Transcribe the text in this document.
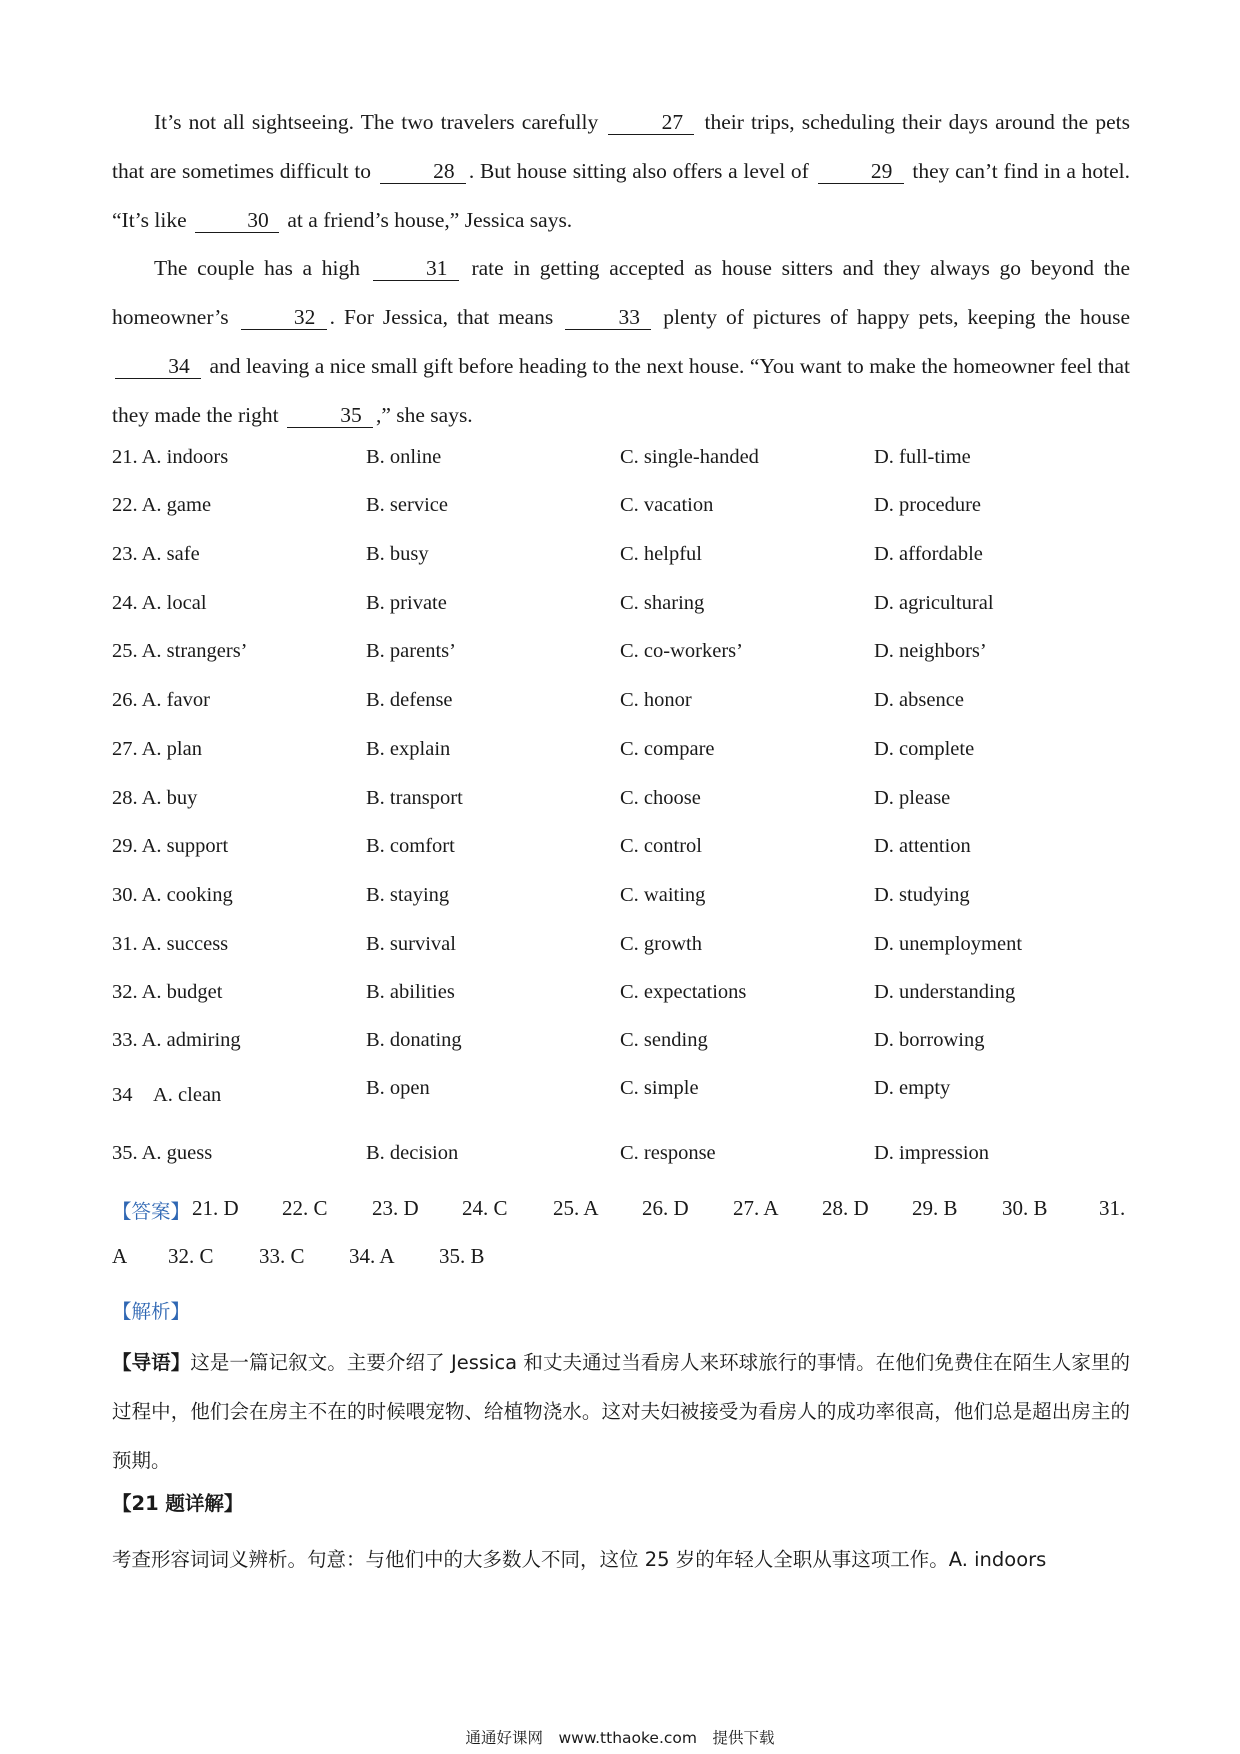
It’s not all sightseeing. The two travelers carefully	27 their trips, scheduling their days around the pets that are sometimes difficult to	28 . But house sitting also offers a level of	29 they can’t find in a hotel. “It’s like	30 at a friend’s house,” Jessica says.

The couple has a high	31 rate in getting accepted as house sitters and they always go beyond the homeowner’s	32 . For Jessica, that means	33 plenty of pictures of happy pets, keeping the house 34 and leaving a nice small gift before heading to the next house. “You want to make the homeowner feel that they made the right	35 ,” she says.

21. A. indoors	B. online	C. single-handed	D. full-time
22. A. game	B. service	C. vacation	D. procedure
23. A. safe	B. busy	C. helpful	D. affordable
24. A. local	B. private	C. sharing	D. agricultural
25. A. strangers’	B. parents’	C. co-workers’	D. neighbors’
26. A. favor	B. defense	C. honor	D. absence
27. A. plan	B. explain	C. compare	D. complete
28. A. buy	B. transport	C. choose	D. please
29. A. support	B. comfort	C. control	D. attention
30. A. cooking	B. staying	C. waiting	D. studying
31. A. success	B. survival	C. growth	D. unemployment
32. A. budget	B. abilities	C. expectations	D. understanding
33. A. admiring	B. donating	C. sending	D. borrowing
34　A. clean	B. open	C. simple	D. empty
35. A. guess	B. decision	C. response	D. impression
【答案】 21. D 22. C 23. D 24. C 25. A 26. D 27. A 28. D 29. B 30. B 31.
A 32. C 33. C 34. A 35. B
【解析】
【导语】这是一篇记叙文。主要介绍了 Jessica 和丈夫通过当看房人来环球旅行的事情。在他们免费住在陌生人家里的过程中，他们会在房主不在的时候喂宠物、给植物浇水。这对夫妇被接受为看房人的成功率很高，他们总是超出房主的预期。
【21 题详解】
考查形容词词义辨析。句意：与他们中的大多数人不同，这位 25 岁的年轻人全职从事这项工作。A. indoors
通通好课网　www.tthaoke.com　提供下载
